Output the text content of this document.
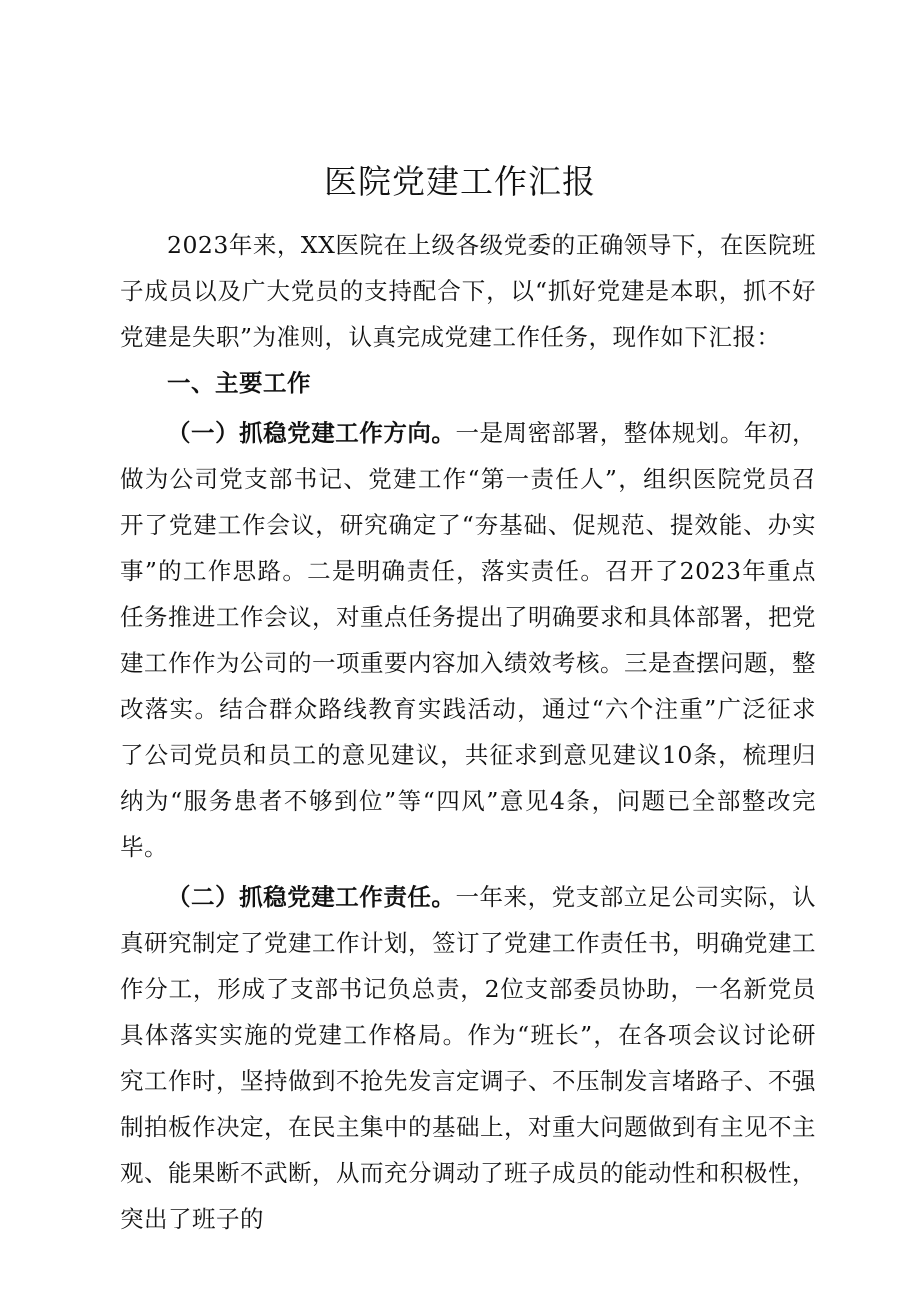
医院党建工作汇报

2023年来，XX医院在上级各级党委的正确领导下，在医院班子成员以及广大党员的支持配合下，以“抓好党建是本职，抓不好党建是失职”为准则，认真完成党建工作任务，现作如下汇报：

一、主要工作

（一）抓稳党建工作方向。一是周密部署，整体规划。年初，做为公司党支部书记、党建工作“第一责任人”，组织医院党员召开了党建工作会议，研究确定了“夯基础、促规范、提效能、办实事”的工作思路。二是明确责任，落实责任。召开了2023年重点任务推进工作会议，对重点任务提出了明确要求和具体部署，把党建工作作为公司的一项重要内容加入绩效考核。三是查摆问题，整改落实。结合群众路线教育实践活动，通过“六个注重”广泛征求了公司党员和员工的意见建议，共征求到意见建议10条，梳理归纳为“服务患者不够到位”等“四风”意见4条，问题已全部整改完毕。

（二）抓稳党建工作责任。一年来，党支部立足公司实际，认真研究制定了党建工作计划，签订了党建工作责任书，明确党建工作分工，形成了支部书记负总责，2位支部委员协助，一名新党员具体落实实施的党建工作格局。作为“班长”，在各项会议讨论研究工作时，坚持做到不抢先发言定调子、不压制发言堵路子、不强制拍板作决定，在民主集中的基础上，对重大问题做到有主见不主观、能果断不武断，从而充分调动了班子成员的能动性和积极性，突出了班子的
